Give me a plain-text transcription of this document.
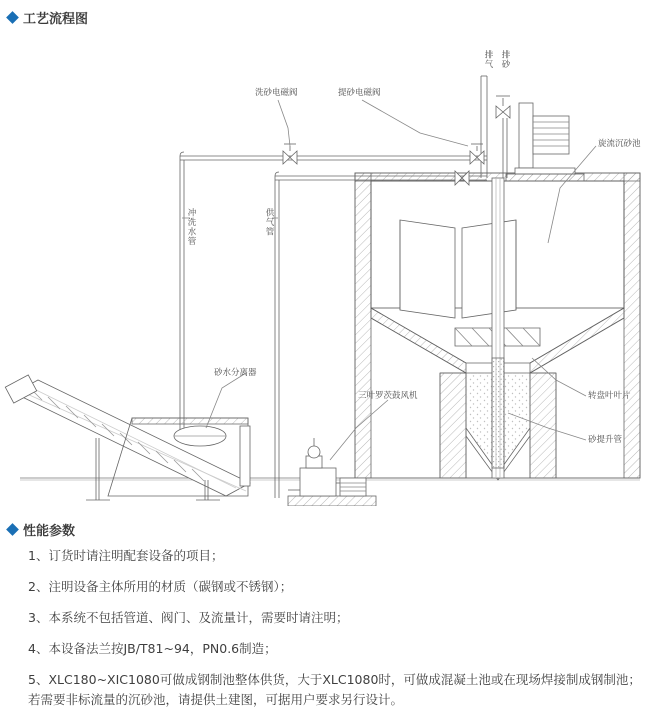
工艺流程图
洗砂电磁阀	提砂电磁阀
排气 排砂
旋流沉砂池
冲洗水管	供气管
砂水分离器
三叶罗茨鼓风机	转盘叶叶片
砂提升管
性能参数
1、订货时请注明配套设备的项目；
2、注明设备主体所用的材质（碳钢或不锈钢）；
3、本系统不包括管道、阀门、及流量计，需要时请注明；
4、本设备法兰按JB/T81~94，PN0.6制造；
5、XLC180~XIC1080可做成钢制池整体供货，大于XLC1080时，可做成混凝土池或在现场焊接制成钢制池；
若需要非标流量的沉砂池，请提供土建图，可据用户要求另行设计。
